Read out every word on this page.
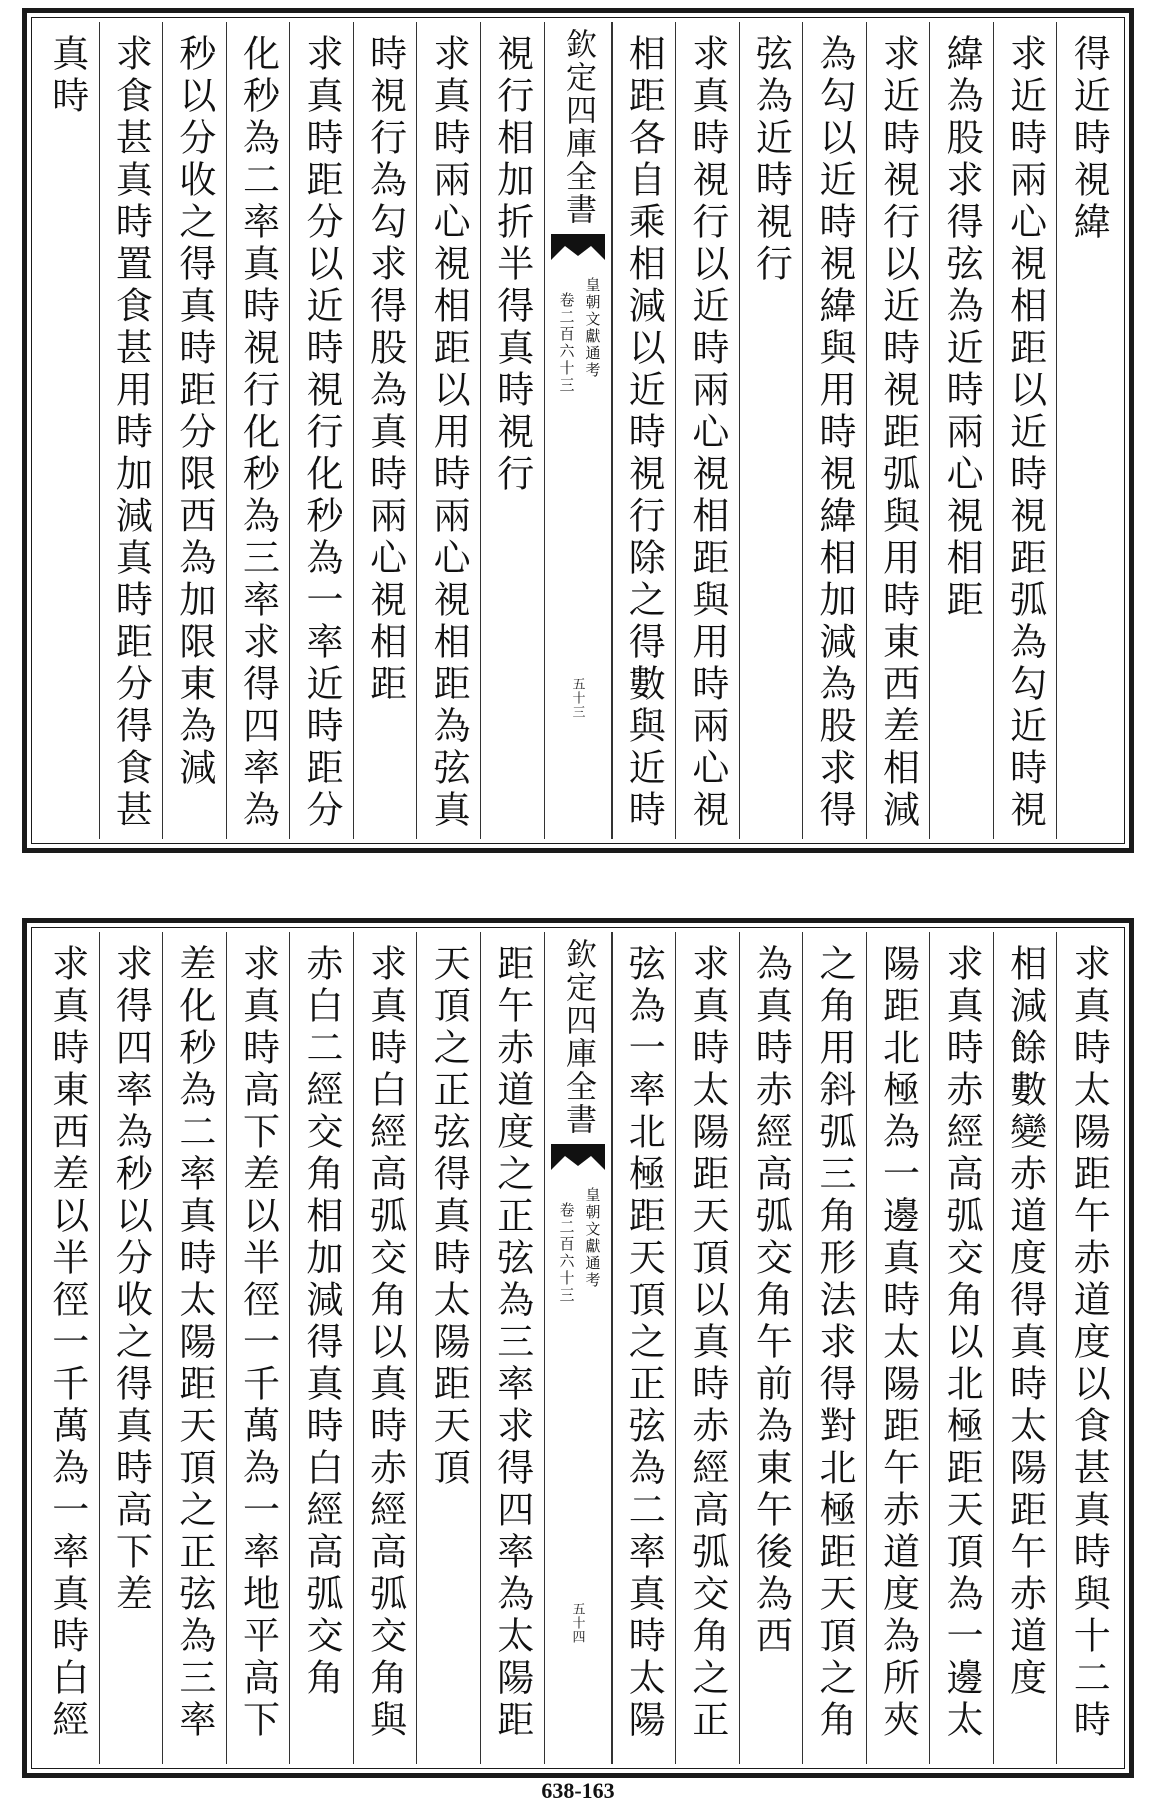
得近時視緯
求近時兩心視相距以近時視距弧為勾近時視
緯為股求得弦為近時兩心視相距
求近時視行以近時視距弧與用時東西差相減
為勾以近時視緯與用時視緯相加減為股求得
弦為近時視行
求真時視行以近時兩心視相距與用時兩心視
相距各自乘相減以近時視行除之得數與近時
欽定四庫全書
皇朝文獻通考
卷二百六十三
五十三
視行相加折半得真時視行
求真時兩心視相距以用時兩心視相距為弦真
時視行為勾求得股為真時兩心視相距
求真時距分以近時視行化秒為一率近時距分
化秒為二率真時視行化秒為三率求得四率為
秒以分收之得真時距分限西為加限東為減
求食甚真時置食甚用時加減真時距分得食甚
真時
求真時太陽距午赤道度以食甚真時與十二時
相減餘數變赤道度得真時太陽距午赤道度
求真時赤經高弧交角以北極距天頂為一邊太
陽距北極為一邊真時太陽距午赤道度為所夾
之角用斜弧三角形法求得對北極距天頂之角
為真時赤經高弧交角午前為東午後為西
求真時太陽距天頂以真時赤經高弧交角之正
弦為一率北極距天頂之正弦為二率真時太陽
欽定四庫全書
皇朝文獻通考
卷二百六十三
五十四
距午赤道度之正弦為三率求得四率為太陽距
天頂之正弦得真時太陽距天頂
求真時白經高弧交角以真時赤經高弧交角與
赤白二經交角相加減得真時白經高弧交角
求真時高下差以半徑一千萬為一率地平高下
差化秒為二率真時太陽距天頂之正弦為三率
求得四率為秒以分收之得真時高下差
求真時東西差以半徑一千萬為一率真時白經
638-163
